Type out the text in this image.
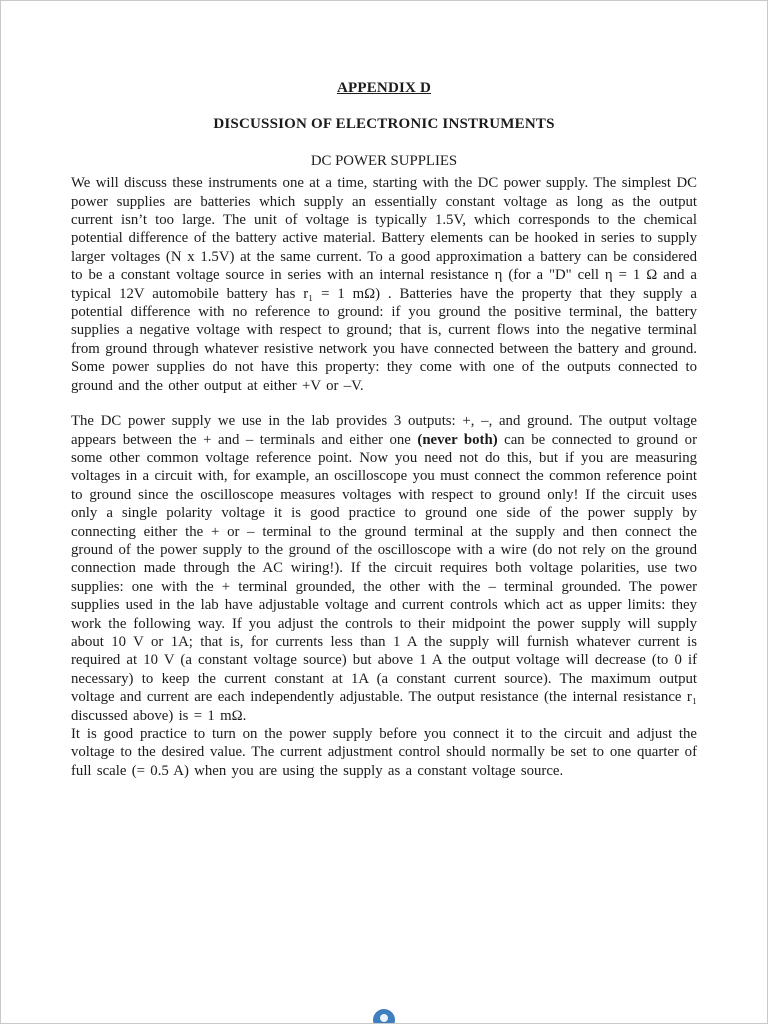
APPENDIX D
DISCUSSION OF ELECTRONIC INSTRUMENTS
DC POWER SUPPLIES

We will discuss these instruments one at a time, starting with the DC power supply. The simplest DC power supplies are batteries which supply an essentially constant voltage as long as the output current isn’t too large. The unit of voltage is typically 1.5V, which corresponds to the chemical potential difference of the battery active material. Battery elements can be hooked in series to supply larger voltages (N x 1.5V) at the same current. To a good approximation a battery can be considered to be a constant voltage source in series with an internal resistance η (for a "D" cell η = 1 Ω and a typical 12V automobile battery has r₁ = 1 mΩ) . Batteries have the property that they supply a potential difference with no reference to ground: if you ground the positive terminal, the battery supplies a negative voltage with respect to ground; that is, current flows into the negative terminal from ground through whatever resistive network you have connected between the battery and ground. Some power supplies do not have this property: they come with one of the outputs connected to ground and the other output at either +V or –V.

The DC power supply we use in the lab provides 3 outputs: +, –, and ground. The output voltage appears between the + and – terminals and either one (never both) can be connected to ground or some other common voltage reference point. Now you need not do this, but if you are measuring voltages in a circuit with, for example, an oscilloscope you must connect the common reference point to ground since the oscilloscope measures voltages with respect to ground only! If the circuit uses only a single polarity voltage it is good practice to ground one side of the power supply by connecting either the + or – terminal to the ground terminal at the supply and then connect the ground of the power supply to the ground of the oscilloscope with a wire (do not rely on the ground connection made through the AC wiring!). If the circuit requires both voltage polarities, use two supplies: one with the + terminal grounded, the other with the – terminal grounded. The power supplies used in the lab have adjustable voltage and current controls which act as upper limits: they work the following way. If you adjust the controls to their midpoint the power supply will supply about 10 V or 1A; that is, for currents less than 1 A the supply will furnish whatever current is required at 10 V (a constant voltage source) but above 1 A the output voltage will decrease (to 0 if necessary) to keep the current constant at 1A (a constant current source). The maximum output voltage and current are each independently adjustable. The output resistance (the internal resistance r₁ discussed above) is = 1 mΩ.

It is good practice to turn on the power supply before you connect it to the circuit and adjust the voltage to the desired value. The current adjustment control should normally be set to one quarter of full scale (= 0.5 A) when you are using the supply as a constant voltage source.
